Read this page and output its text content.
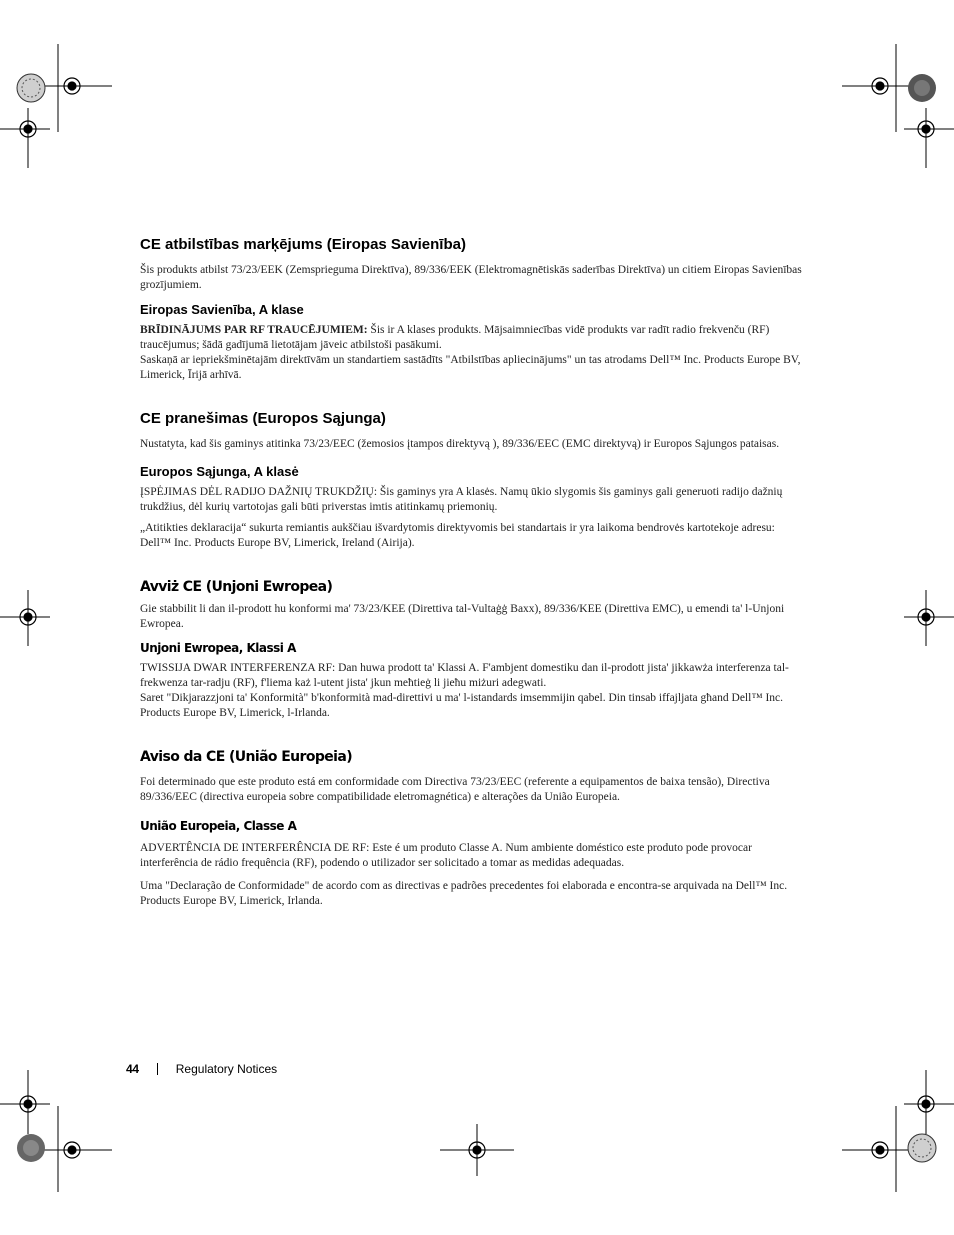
CE atbilstības marķējums (Eiropas Savienība)

Šis produkts atbilst 73/23/EEK (Zemsprieguma Direktīva), 89/336/EEK (Elektromagnētiskās saderības Direktīva) un citiem Eiropas Savienības grozījumiem.

Eiropas Savienība, A klase

BRĪDINĀJUMS PAR RF TRAUCĒJUMIEM: Šis ir A klases produkts. Mājsaimniecības vidē produkts var radīt radio frekvenču (RF) traucējumus; šādā gadījumā lietotājam jāveic atbilstoši pasākumi.

Saskaņā ar iepriekšminētajām direktīvām un standartiem sastādīts "Atbilstības apliecinājums" un tas atrodams Dell™ Inc. Products Europe BV, Limerick, Īrijā arhīvā.

CE pranešimas (Europos Sąjunga)

Nustatyta, kad šis gaminys atitinka 73/23/EEC (žemosios įtampos direktyvą ), 89/336/EEC (EMC direktyvą) ir Europos Sąjungos pataisas.

Europos Sąjunga, A klasė

ĮSPĖJIMAS DĖL RADIJO DAŽNIŲ TRUKDŽIŲ: Šis gaminys yra A klasės. Namų ūkio slygomis šis gaminys gali generuoti radijo dažnių trukdžius, dėl kurių vartotojas gali būti priverstas imtis atitinkamų priemonių.

„Atitikties deklaracija“ sukurta remiantis aukščiau išvardytomis direktyvomis bei standartais ir yra laikoma bendrovės kartotekoje adresu: Dell™ Inc. Products Europe BV, Limerick, Ireland (Airija).

Avviż CE (Unjoni Ewropea)

Gie stabbilit li dan il-prodott hu konformi ma' 73/23/KEE (Direttiva tal-Vultaġġ Baxx), 89/336/KEE (Direttiva EMC), u emendi ta' l-Unjoni Ewropea.

Unjoni Ewropea, Klassi A

TWISSIJA DWAR INTERFERENZA RF: Dan huwa prodott ta' Klassi A. F'ambjent domestiku dan il-prodott jista' jikkawża interferenza tal-frekwenza tar-radju (RF), f'liema każ l-utent jista' jkun meħtieġ li jieħu miżuri adegwati.

Saret "Dikjarazzjoni ta' Konformità" b'konformità mad-direttivi u ma' l-istandards imsemmijin qabel. Din tinsab iffajljata għand Dell™ Inc. Products Europe BV, Limerick, l-Irlanda.

Aviso da CE (União Europeia)

Foi determinado que este produto está em conformidade com Directiva 73/23/EEC (referente a equipamentos de baixa tensão), Directiva 89/336/EEC (directiva europeia sobre compatibilidade eletromagnética) e alterações da União Europeia.

União Europeia, Classe A

ADVERTÊNCIA DE INTERFERÊNCIA DE RF: Este é um produto Classe A. Num ambiente doméstico este produto pode provocar interferência de rádio frequência (RF), podendo o utilizador ser solicitado a tomar as medidas adequadas.

Uma "Declaração de Conformidade" de acordo com as directivas e padrões precedentes foi elaborada e encontra-se arquivada na Dell™ Inc. Products Europe BV, Limerick, Irlanda.

44	Regulatory Notices
